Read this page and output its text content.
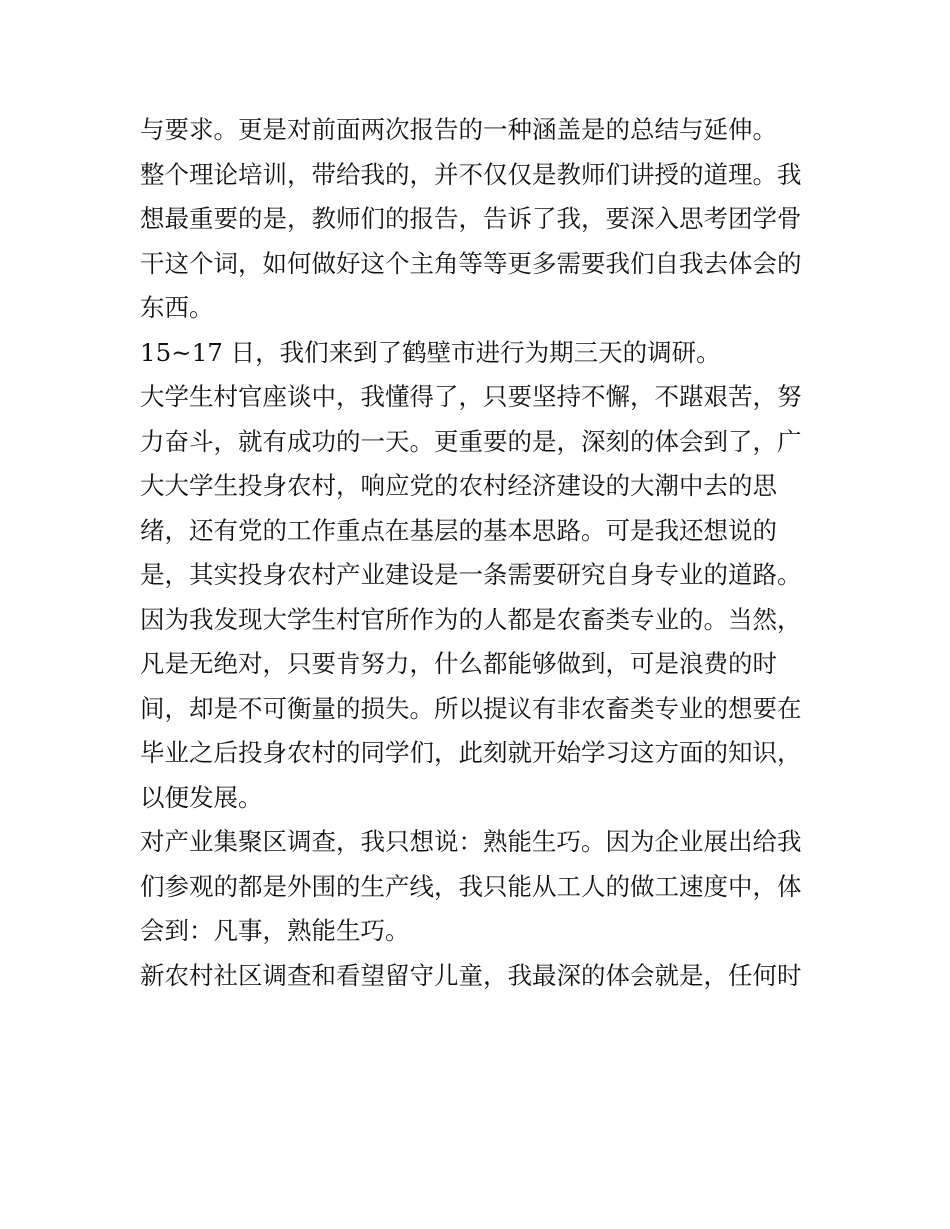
与要求。更是对前面两次报告的一种涵盖是的总结与延伸。
整个理论培训，带给我的，并不仅仅是教师们讲授的道理。我
想最重要的是，教师们的报告，告诉了我，要深入思考团学骨
干这个词，如何做好这个主角等等更多需要我们自我去体会的
东西。
15~17 日，我们来到了鹤壁市进行为期三天的调研。
大学生村官座谈中，我懂得了，只要坚持不懈，不踸艰苦，努
力奋斗，就有成功的一天。更重要的是，深刻的体会到了，广
大大学生投身农村，响应党的农村经济建设的大潮中去的思
绪，还有党的工作重点在基层的基本思路。可是我还想说的
是，其实投身农村产业建设是一条需要研究自身专业的道路。
因为我发现大学生村官所作为的人都是农畜类专业的。当然，
凡是无绝对，只要肯努力，什么都能够做到，可是浪费的时
间，却是不可衡量的损失。所以提议有非农畜类专业的想要在
毕业之后投身农村的同学们，此刻就开始学习这方面的知识，
以便发展。
对产业集聚区调查，我只想说：熟能生巧。因为企业展出给我
们参观的都是外围的生产线，我只能从工人的做工速度中，体
会到：凡事，熟能生巧。
新农村社区调查和看望留守儿童，我最深的体会就是，任何时
